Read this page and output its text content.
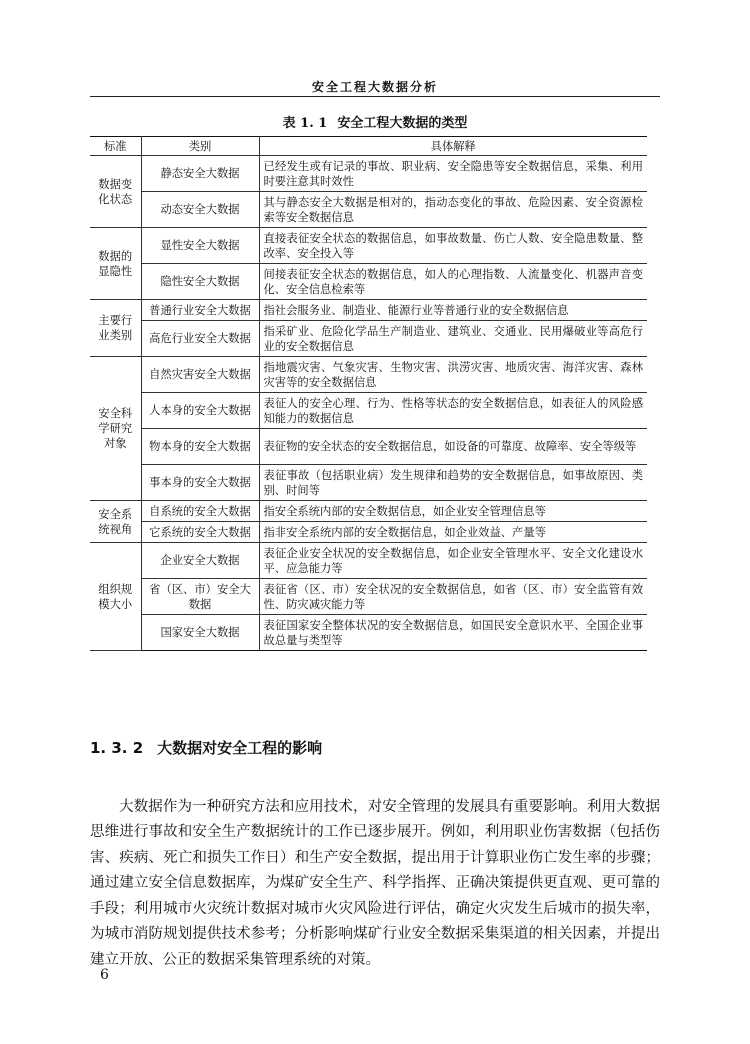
安全工程大数据分析
表 1. 1 安全工程大数据的类型
标准	类别	具体解释
数据变化状态	静态安全大数据	已经发生或有记录的事故、职业病、安全隐患等安全数据信息，采集、利用时要注意其时效性
	动态安全大数据	其与静态安全大数据是相对的，指动态变化的事故、危险因素、安全资源检索等安全数据信息
数据的显隐性	显性安全大数据	直接表征安全状态的数据信息，如事故数量、伤亡人数、安全隐患数量、整改率、安全投入等
	隐性安全大数据	间接表征安全状态的数据信息，如人的心理指数、人流量变化、机器声音变化、安全信息检索等
主要行业类别	普通行业安全大数据	指社会服务业、制造业、能源行业等普通行业的安全数据信息
	高危行业安全大数据	指采矿业、危险化学品生产制造业、建筑业、交通业、民用爆破业等高危行业的安全数据信息
安全科学研究对象	自然灾害安全大数据	指地震灾害、气象灾害、生物灾害、洪涝灾害、地质灾害、海洋灾害、森林灾害等的安全数据信息
	人本身的安全大数据	表征人的安全心理、行为、性格等状态的安全数据信息，如表征人的风险感知能力的数据信息
	物本身的安全大数据	表征物的安全状态的安全数据信息，如设备的可靠度、故障率、安全等级等
	事本身的安全大数据	表征事故（包括职业病）发生规律和趋势的安全数据信息，如事故原因、类别、时间等
安全系统视角	自系统的安全大数据	指安全系统内部的安全数据信息，如企业安全管理信息等
	它系统的安全大数据	指非安全系统内部的安全数据信息，如企业效益、产量等
组织规模大小	企业安全大数据	表征企业安全状况的安全数据信息，如企业安全管理水平、安全文化建设水平、应急能力等
	省（区、市）安全大数据	表征省（区、市）安全状况的安全数据信息，如省（区、市）安全监管有效性、防灾减灾能力等
	国家安全大数据	表征国家安全整体状况的安全数据信息，如国民安全意识水平、全国企业事故总量与类型等
1. 3. 2 大数据对安全工程的影响

大数据作为一种研究方法和应用技术，对安全管理的发展具有重要影响。利用大数据思维进行事故和安全生产数据统计的工作已逐步展开。例如，利用职业伤害数据（包括伤害、疾病、死亡和损失工作日）和生产安全数据，提出用于计算职业伤亡发生率的步骤；通过建立安全信息数据库，为煤矿安全生产、科学指挥、正确决策提供更直观、更可靠的手段；利用城市火灾统计数据对城市火灾风险进行评估，确定火灾发生后城市的损失率，为城市消防规划提供技术参考；分析影响煤矿行业安全数据采集渠道的相关因素，并提出建立开放、公正的数据采集管理系统的对策。

6
